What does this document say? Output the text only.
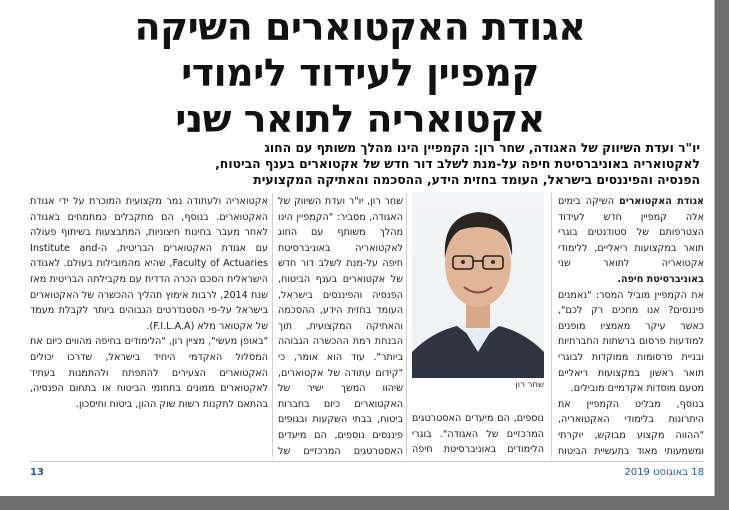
אגודת האקטוארים השיקה
קמפיין לעידוד לימודי
אקטואריה לתואר שני
יו"ר ועדת השיווק של האגודה, שחר רון: הקמפיין הינו מהלך משותף עם החוג
לאקטואריה באוניברסיטת חיפה על-מנת לשלב דור חדש של אקטוארים בענף הביטוח,
הפנסיה והפיננסים בישראל, העומד בחזית הידע, ההסכמה והאתיקה המקצועית

אגודת האקטוארים השיקה בימים אלה קמפיין חדש לעידוד הצטרפותם של סטודנטים בוגרי תואר במקצועות ריאליים, ללימודי אקטואריה לתואר שני באוניברסיטת חיפה.

את הקמפיין מוביל המסר: "נאמנים פיננסים? אנו מחכים רק לכם", כאשר עיקר מאמציו מופנים למודעות פרסום ברשתות החברתיות ובניית פרסומות ממוקדות לבוגרי תואר ראשון במקצועות ריאליים מטעם מוסדות אקדמיים מובילים.

בנוסף, מבליט הקמפיין את היתרונות בלימודי האקטואריה, "ההווה מקצוע מבוקש, יוקרתי ומשמעותי מאוד בתעשיית הביטוח

שחר רון

נוספים, הם מיעדים האסטרטגים המרכזיים של האגודה". בוגרי הלימודים באוניברסיטת חיפה

שחר רון, יו"ר ועדת השיווק של האגודה, מסביר: "הקמפיין הינו מהלך משותף עם החוג לאקטואריה באוניברסיטת חיפה על-מנת לשלב דור חדש של אקטוארים בענף הביטוח, הפנסיה והפיננסים בישראל, העומד בחזית הידע, ההסכמה והאתיקה המקצועית, תוך הבנחת רמת ההכשרה הגבוהה ביותר". עוד הוא אומר, כי "קידום עתודה של אקטוארים, שיהוו המשך ישיר של האקטוארים כיום בחברות ביטוח, בבתי השקעות ובגופים פיננסים נוספים, הם מיעדים האסטרטגים המרכזיים של

אקטואריה ולעתודה נמר מקצועית המוכרת על ידי אגודת האקטוארים. בנוסף, הם מתקבלים כמתמחים באגודה לאחר מעבר בחינות חיצוניות, המתבצעות בשיתוף פעולה עם אגודת האקטוארים הבריטית, ה-Institute and Faculty of Actuaries, שהיא מהמובילות בעולם. לאגודה הישראלית הסכם הכרה הדדית עם מקבילתה הבריטית מאז שנת 2014, לרבות אימוץ תהליך ההכשרה של האקטוארים בישראל על-פי הסטנדרטים הגבוהים ביותר לקבלת מעמד של אקטואר מלא (F.I.L.A.A).

"באופן מעשי", מציין רון, "הלימודים בחיפה מהווים כיום את המסלול האקדמי היחיד בישראל, שדרכו יכולים האקטוארים הצעירים להתפתח ולהתמנות בעתיד לאקטוארים ממונים בתחומי הביטוח או בתחום הפנסיה, בהתאם לתקנות רשות שוק ההון, ביטוח וחיסכון.

13	18 באוגוסט 2019
